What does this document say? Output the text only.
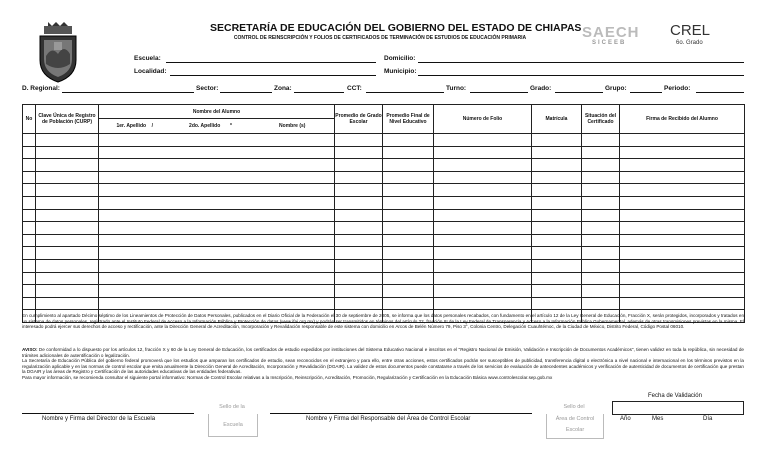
SECRETARÍA DE EDUCACIÓN DEL GOBIERNO DEL ESTADO DE CHIAPAS
CONTROL DE REINSCRIPCIÓN Y FOLIOS DE CERTIFICADOS DE TERMINACIÓN DE ESTUDIOS DE EDUCACIÓN PRIMARIA	SAECH
SICEEB
CREL
6o. Grado
Escuela:
Localidad:
Domicilio:
Municipio:
D. Regional:	Sector:	Zona:	CCT:	Turno:	Grado:	Grupo:	Periodo:
No	Clave Única de Registro de Población (CURP)	Nombre del Alumno			Promedio de Grado Escolar	Promedio Final de Nivel Educativo	Número de Folio	Matrícula	Situación del Certificado	Firma de Recibido del Alumno
		1er. Apellido /	2do. Apellido *	Nombre (s)						

En cumplimiento al apartado Décimo séptimo de los Lineamientos de Protección de Datos Personales, publicados en el Diario Oficial de la Federación el 30 de septiembre de 2005, se informa que los datos personales recabados, con fundamento en el artículo 12 de la Ley General de Educación, Fracción X, serán protegidos, incorporados y tratados en un sistema de datos personales, registrado ante el Instituto Federal de Acceso a la Información Pública y Protección de datos (www.ifai.org.mx) y podrán ser transmitidos en términos del artículo 22, fracción III de la Ley Federal de Transparencia y Acceso a la Información Pública Gubernamental, además de otras transmisiones previstas en la misma. El interesado podrá ejercer sus derechos de acceso y rectificación, ante la Dirección General de Acreditación, Incorporación y Revalidación responsable de este sistema con domicilio en Arcos de Belén Número 79, Piso 3°, Colonia Centro, Delegación Cuauhtémoc, de la Ciudad de México, Distrito Federal, Código Postal 06010.
AVISO: De conformidad a lo dispuesto por los artículos 12, fracción X y 60 de la Ley General de Educación, los certificados de estudio expedidos por instituciones del Sistema Educativo Nacional e inscritos en el "Registro Nacional de Emisión, Validación e Inscripción de Documentos Académicos", tienen validez en toda la república, sin necesidad de trámites adicionales de autentificación o legalización.
La Secretaría de Educación Pública del gobierno federal promoverá que los estudios que amparan los certificados de estudio, sean reconocidos en el extranjero y para ello, entre otras acciones, estos certificados podrán ser susceptibles de publicidad, transferencia digital o electrónica a nivel nacional e internacional en los términos previstos en la regularización aplicable y en las normas de control escolar que emita anualmente la Dirección General de Acreditación, Incorporación y Revalidación (DGAIR). La validez de estos documentos puede constatarse a través de los servicios de evaluación de antecedentes académicos y verificación de autenticidad de documentos de certificación que prestan la DGAIR y las áreas de Registro y Certificación de las autoridades educativas de las entidades federativas.
Para mayor información, se recomienda consultar el siguiente portal informativo: Normas de Control Escolar relativas a la Inscripción, Reinscripción, Acreditación, Promoción, Regularización y Certificación en la Educación Básica www.controlescolar.sep.gob.mx
Nombre y Firma del Director de la Escuela
Sello de la
Escuela
Nombre y Firma del Responsable del Área de Control Escolar
Sello del
Área de Control
Escolar
Fecha de Validación
Año	Mes	Día
